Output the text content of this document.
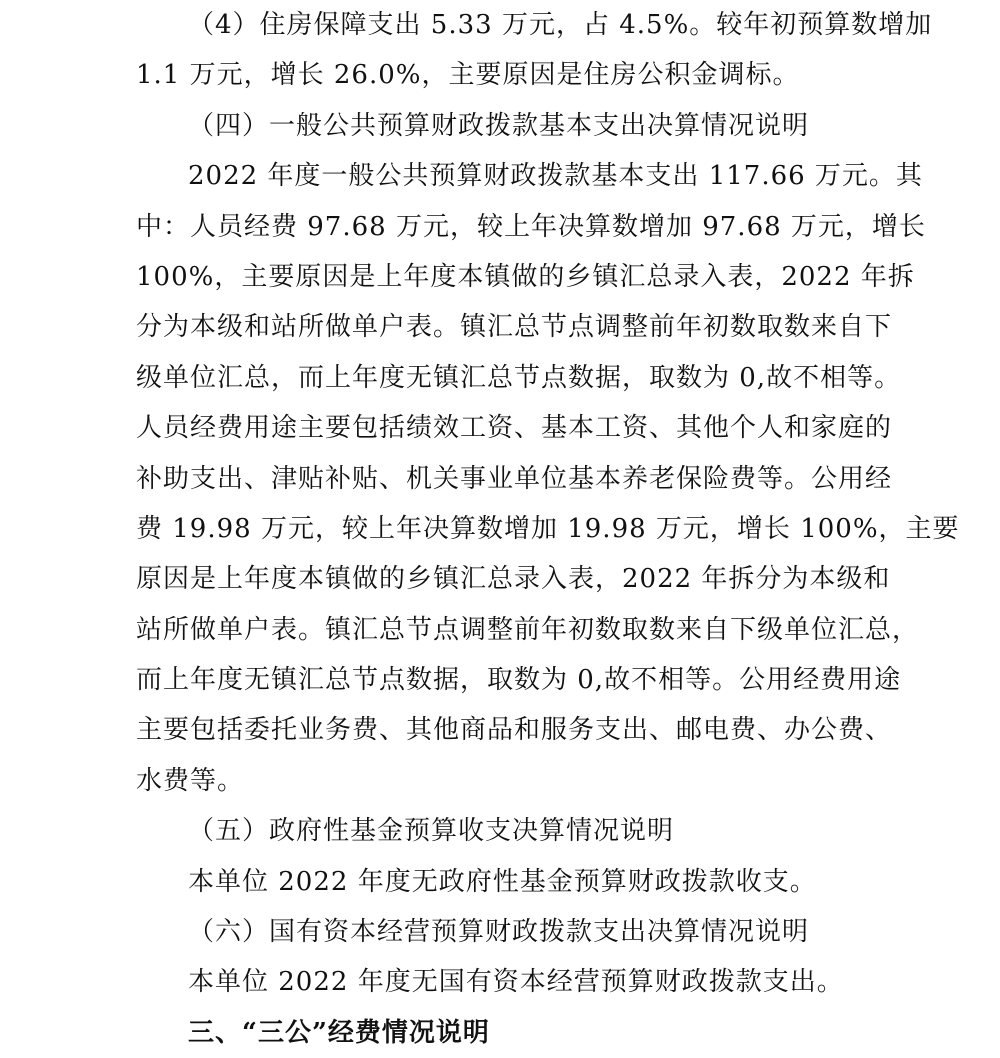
（4）住房保障支出 5.33 万元，占 4.5%。较年初预算数增加
1.1 万元，增长 26.0%，主要原因是住房公积金调标。
（四）一般公共预算财政拨款基本支出决算情况说明
2022 年度一般公共预算财政拨款基本支出 117.66 万元。其
中：人员经费 97.68 万元，较上年决算数增加 97.68 万元，增长
100%，主要原因是上年度本镇做的乡镇汇总录入表，2022 年拆
分为本级和站所做单户表。镇汇总节点调整前年初数取数来自下
级单位汇总，而上年度无镇汇总节点数据，取数为 0,故不相等。
人员经费用途主要包括绩效工资、基本工资、其他个人和家庭的
补助支出、津贴补贴、机关事业单位基本养老保险费等。公用经
费 19.98 万元，较上年决算数增加 19.98 万元，增长 100%，主要
原因是上年度本镇做的乡镇汇总录入表，2022 年拆分为本级和
站所做单户表。镇汇总节点调整前年初数取数来自下级单位汇总，
而上年度无镇汇总节点数据，取数为 0,故不相等。公用经费用途
主要包括委托业务费、其他商品和服务支出、邮电费、办公费、
水费等。
（五）政府性基金预算收支决算情况说明
本单位 2022 年度无政府性基金预算财政拨款收支。
（六）国有资本经营预算财政拨款支出决算情况说明
本单位 2022 年度无国有资本经营预算财政拨款支出。
三、“三公”经费情况说明
